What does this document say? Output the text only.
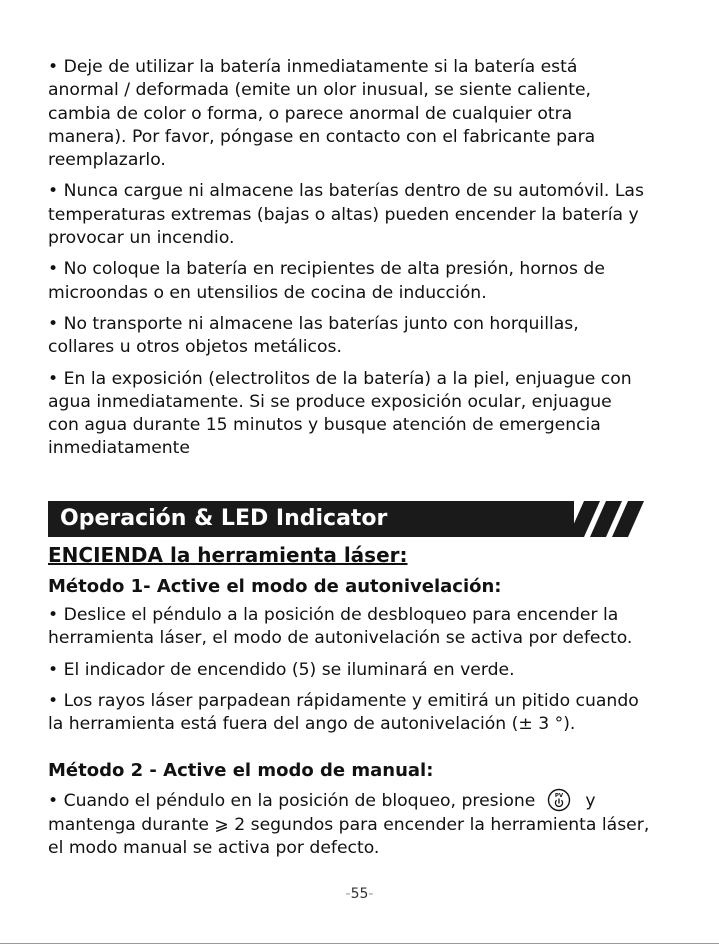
• Deje de utilizar la batería inmediatamente si la batería está anormal / deformada (emite un olor inusual, se siente caliente, cambia de color o forma, o parece anormal de cualquier otra manera). Por favor, póngase en contacto con el fabricante para reemplazarlo.

• Nunca cargue ni almacene las baterías dentro de su automóvil. Las temperaturas extremas (bajas o altas) pueden encender la batería y provocar un incendio.

• No coloque la batería en recipientes de alta presión, hornos de microondas o en utensilios de cocina de inducción.

• No transporte ni almacene las baterías junto con horquillas, collares u otros objetos metálicos.

• En la exposición (electrolitos de la batería) a la piel, enjuague con agua inmediatamente. Si se produce exposición ocular, enjuague con agua durante 15 minutos y busque atención de emergencia inmediatamente

Operación & LED Indicator

ENCIENDA la herramienta láser:

Método 1- Active el modo de autonivelación:

• Deslice el péndulo a la posición de desbloqueo para encender la herramienta láser, el modo de autonivelación se activa por defecto.

• El indicador de encendido (5) se iluminará en verde.

• Los rayos láser parpadean rápidamente y emitirá un pitido cuando la herramienta está fuera del ango de autonivelación (± 3 °).

Método 2 - Active el modo de manual:

• Cuando el péndulo en la posición de bloqueo, presione	PV y mantenga durante ⩾ 2 segundos para encender la herramienta láser, el modo manual se activa por defecto.

-55-
